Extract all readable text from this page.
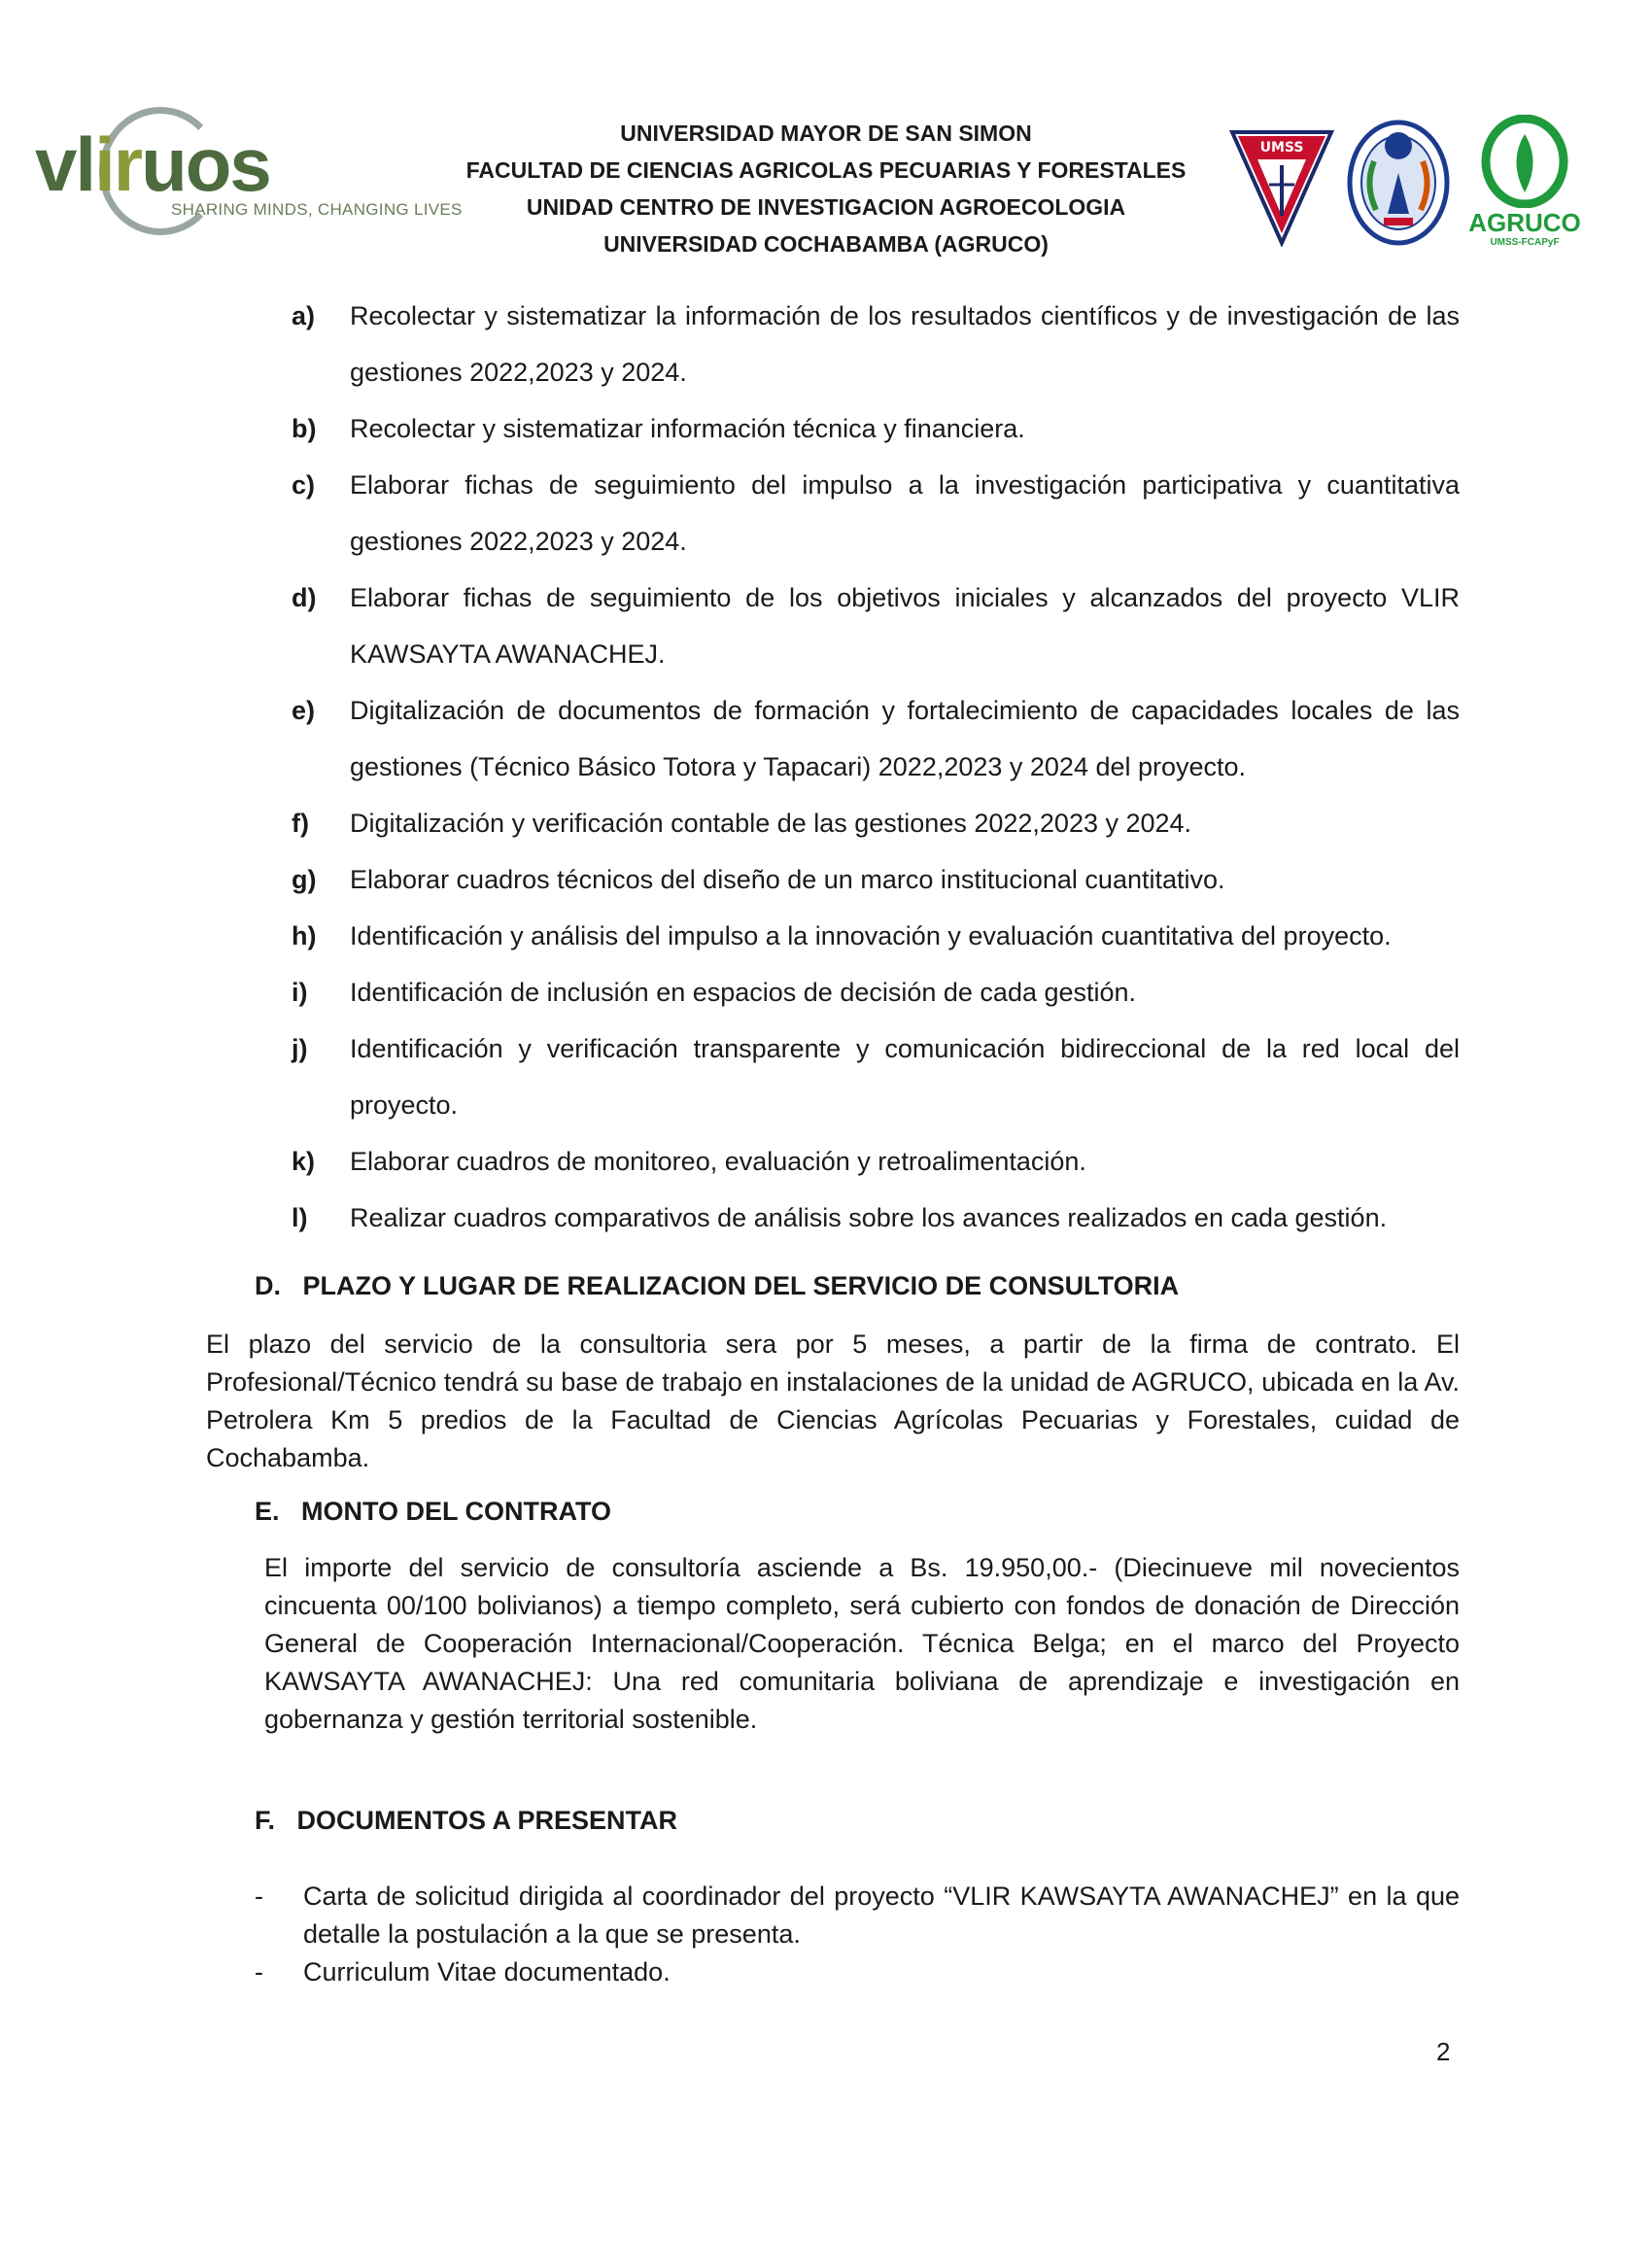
vliruos
SHARING MINDS, CHANGING LIVES
UNIVERSIDAD MAYOR DE SAN SIMON
FACULTAD DE CIENCIAS AGRICOLAS PECUARIAS Y FORESTALES
UNIDAD CENTRO DE INVESTIGACION AGROECOLOGIA
UNIVERSIDAD COCHABAMBA (AGRUCO)
UMSS
AGRUCO
UMSS-FCAPyF
a)	Recolectar y sistematizar la información de los resultados científicos y de investigación de las gestiones 2022,2023 y 2024.
b)	Recolectar y sistematizar información técnica y financiera.
c)	Elaborar fichas de seguimiento del impulso a la investigación participativa y cuantitativa gestiones 2022,2023 y 2024.
d)	Elaborar fichas de seguimiento de los objetivos iniciales y alcanzados del proyecto VLIR KAWSAYTA AWANACHEJ.
e)	Digitalización de documentos de formación y fortalecimiento de capacidades locales de las gestiones (Técnico Básico Totora y Tapacari) 2022,2023 y 2024 del proyecto.
f)	Digitalización y verificación contable de las gestiones 2022,2023 y 2024.
g)	Elaborar cuadros técnicos del diseño de un marco institucional cuantitativo.
h)	Identificación y análisis del impulso a la innovación y evaluación cuantitativa del proyecto.
i)	Identificación de inclusión en espacios de decisión de cada gestión.
j)	Identificación y verificación transparente y comunicación bidireccional de la red local del proyecto.
k)	Elaborar cuadros de monitoreo, evaluación y retroalimentación.
l)	Realizar cuadros comparativos de análisis sobre los avances realizados en cada gestión.
D.   PLAZO Y LUGAR DE REALIZACION DEL SERVICIO DE CONSULTORIA
El plazo del servicio de la consultoria sera por 5 meses, a partir de la firma de contrato. El Profesional/Técnico tendrá su base de trabajo en instalaciones de la unidad de AGRUCO, ubicada en la Av. Petrolera Km 5 predios de la Facultad de Ciencias Agrícolas Pecuarias y Forestales, cuidad de Cochabamba.
E.   MONTO DEL CONTRATO
El importe del servicio de consultoría asciende a Bs. 19.950,00.- (Diecinueve mil novecientos cincuenta 00/100 bolivianos) a tiempo completo, será cubierto con fondos de donación de Dirección General de Cooperación Internacional/Cooperación. Técnica Belga; en el marco del Proyecto KAWSAYTA AWANACHEJ: Una red comunitaria boliviana de aprendizaje e investigación en gobernanza y gestión territorial sostenible.
F.   DOCUMENTOS A PRESENTAR
- Carta de solicitud dirigida al coordinador del proyecto “VLIR KAWSAYTA AWANACHEJ” en la que detalle la postulación a la que se presenta.
- Curriculum Vitae documentado.
2
